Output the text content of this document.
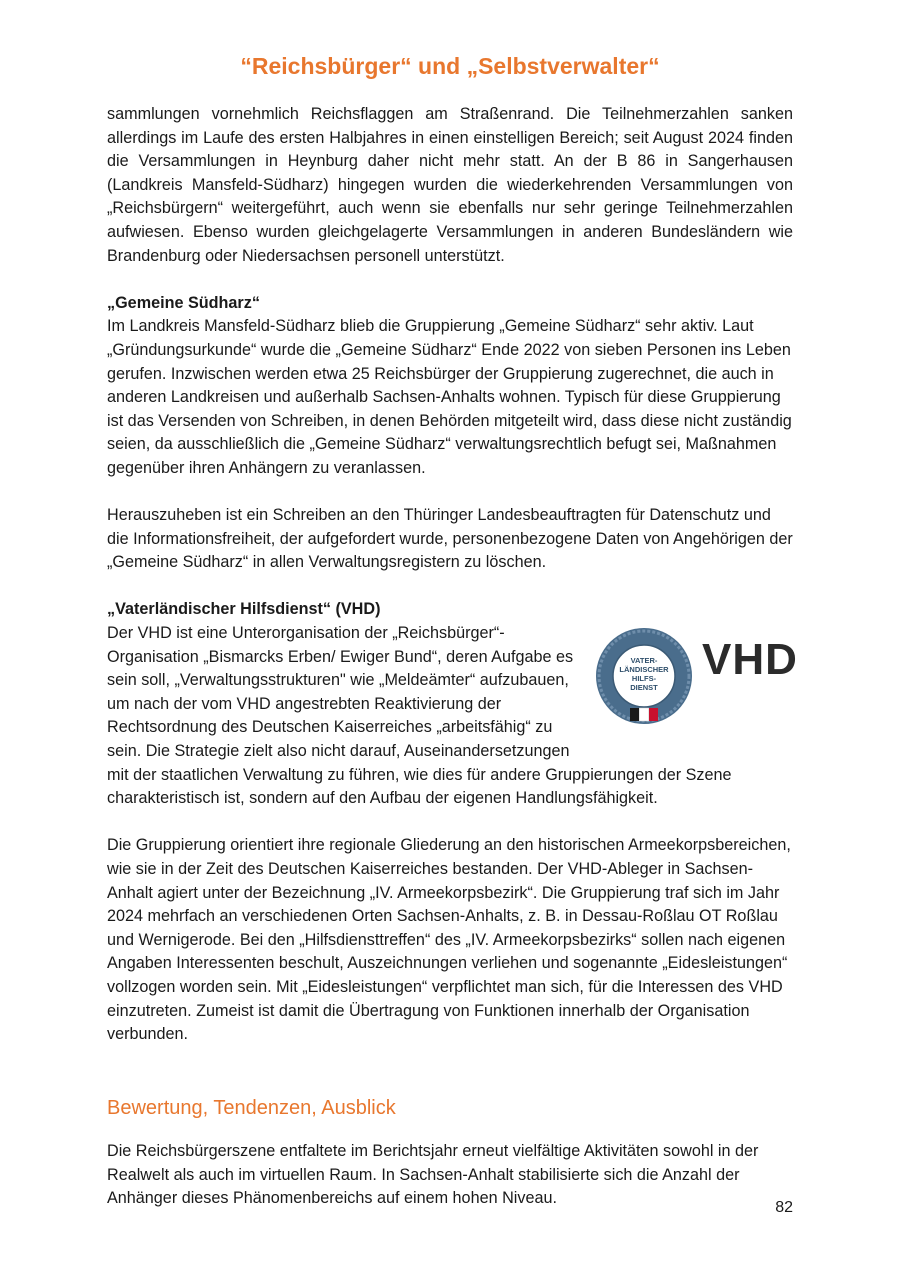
“Reichsbürger“ und „Selbstverwalter“

sammlungen vornehmlich Reichsflaggen am Straßenrand. Die Teilnehmerzahlen sanken allerdings im Laufe des ersten Halbjahres in einen einstelligen Bereich; seit August 2024 finden die Versammlungen in Heynburg daher nicht mehr statt. An der B 86 in Sangerhausen (Landkreis Mansfeld-Südharz) hingegen wurden die wiederkehrenden Versammlungen von „Reichsbürgern“ weitergeführt, auch wenn sie ebenfalls nur sehr geringe Teilnehmerzahlen aufwiesen. Ebenso wurden gleichgelagerte Versammlungen in anderen Bundesländern wie Brandenburg oder Niedersachsen personell unterstützt.

„Gemeine Südharz“

Im Landkreis Mansfeld-Südharz blieb die Gruppierung „Gemeine Südharz“ sehr aktiv. Laut „Gründungsurkunde“ wurde die „Gemeine Südharz“ Ende 2022 von sieben Personen ins Leben gerufen. Inzwischen werden etwa 25 Reichsbürger der Gruppierung zugerechnet, die auch in anderen Landkreisen und außerhalb Sachsen-Anhalts wohnen. Typisch für diese Gruppierung ist das Versenden von Schreiben, in denen Behörden mitgeteilt wird, dass diese nicht zuständig seien, da ausschließlich die „Gemeine Südharz“ verwaltungsrechtlich befugt sei, Maßnahmen gegenüber ihren Anhängern zu veranlassen.

Herauszuheben ist ein Schreiben an den Thüringer Landesbeauftragten für Datenschutz und die Informationsfreiheit, der aufgefordert wurde, personenbezogene Daten von Angehörigen der „Gemeine Südharz“ in allen Verwaltungsregistern zu löschen.

„Vaterländischer Hilfsdienst“ (VHD)

VATER-
LÄNDISCHER
HILFS-
DIENST
VHD

Der VHD ist eine Unterorganisation der „Reichsbürger“-Organisation „Bismarcks Erben/ Ewiger Bund“, deren Aufgabe es sein soll, „Verwaltungsstrukturen" wie „Meldeämter“ aufzubauen, um nach der vom VHD angestrebten Reaktivierung der Rechtsordnung des Deutschen Kaiserreiches „arbeitsfähig“ zu sein. Die Strategie zielt also nicht darauf, Auseinandersetzungen mit der staatlichen Verwaltung zu führen, wie dies für andere Gruppierungen der Szene charakteristisch ist, sondern auf den Aufbau der eigenen Handlungsfähigkeit.

Die Gruppierung orientiert ihre regionale Gliederung an den historischen Armeekorpsbereichen, wie sie in der Zeit des Deutschen Kaiserreiches bestanden. Der VHD-Ableger in Sachsen-Anhalt agiert unter der Bezeichnung „IV. Armeekorpsbezirk“. Die Gruppierung traf sich im Jahr 2024 mehrfach an verschiedenen Orten Sachsen-Anhalts, z. B. in Dessau-Roßlau OT Roßlau und Wernigerode. Bei den „Hilfsdiensttreffen“ des „IV. Armeekorpsbezirks“ sollen nach eigenen Angaben Interessenten beschult, Auszeichnungen verliehen und sogenannte „Eidesleistungen“ vollzogen worden sein. Mit „Eidesleistungen“ verpflichtet man sich, für die Interessen des VHD einzutreten. Zumeist ist damit die Übertragung von Funktionen innerhalb der Organisation verbunden.

Bewertung, Tendenzen, Ausblick

Die Reichsbürgerszene entfaltete im Berichtsjahr erneut vielfältige Aktivitäten sowohl in der Realwelt als auch im virtuellen Raum. In Sachsen-Anhalt stabilisierte sich die Anzahl der Anhänger dieses Phänomenbereichs auf einem hohen Niveau.

82
